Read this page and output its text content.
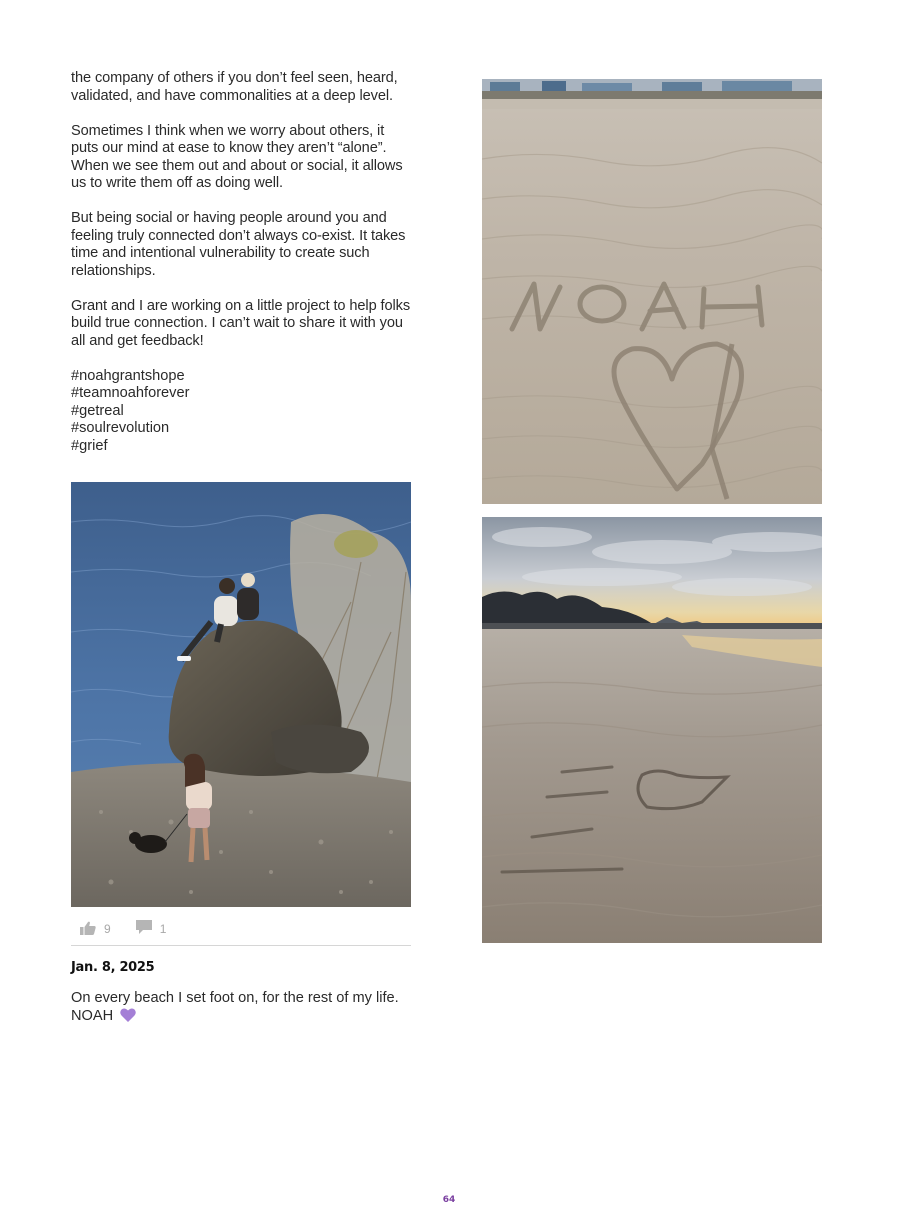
the company of others if you don’t feel seen, heard, validated, and have commonalities at a deep level.

Sometimes I think when we worry about others, it puts our mind at ease to know they aren’t “alone”. When we see them out and about or social, it allows us to write them off as doing well.

But being social or having people around you and feeling truly connected don’t always co-exist. It takes time and intentional vulnerability to create such relationships.

Grant and I are working on a little project to help folks build true connection. I can’t wait to share it with you all and get feedback!

#noahgrantshope
#teamnoahforever
#getreal
#soulrevolution
#grief
9	1
Jan. 8, 2025
On every beach I set foot on, for the rest of my life. NOAH
64
